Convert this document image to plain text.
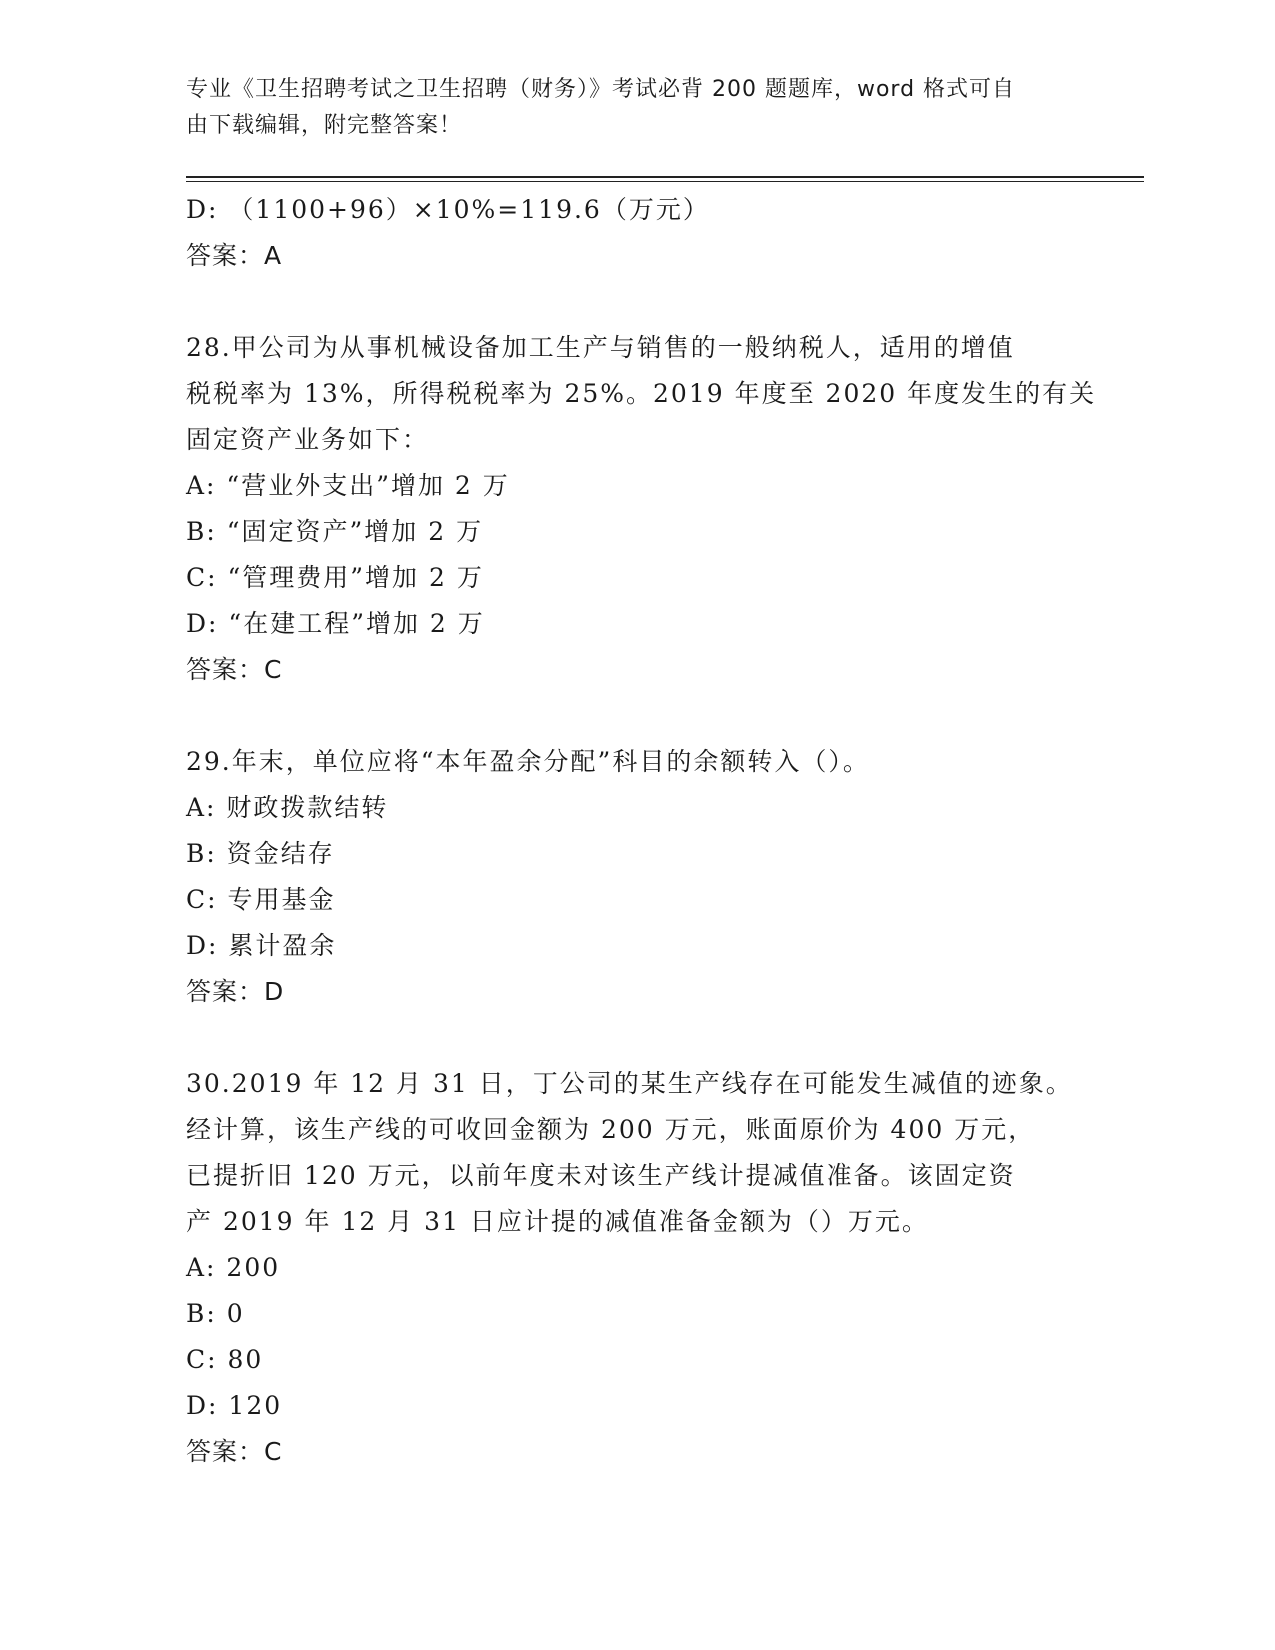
专业《卫生招聘考试之卫生招聘（财务）》考试必背 200 题题库，word 格式可自
由下载编辑，附完整答案！
D: （1100+96）×10%=119.6（万元）
答案：A
28.甲公司为从事机械设备加工生产与销售的一般纳税人，适用的增值
税税率为 13%，所得税税率为 25%。2019 年度至 2020 年度发生的有关
固定资产业务如下：
A: “营业外支出”增加 2 万
B: “固定资产”增加 2 万
C: “管理费用”增加 2 万
D: “在建工程”增加 2 万
答案：C
29.年末，单位应将“本年盈余分配”科目的余额转入（）。
A: 财政拨款结转
B: 资金结存
C: 专用基金
D: 累计盈余
答案：D
30.2019 年 12 月 31 日，丁公司的某生产线存在可能发生减值的迹象。
经计算，该生产线的可收回金额为 200 万元，账面原价为 400 万元，
已提折旧 120 万元，以前年度未对该生产线计提减值准备。该固定资
产 2019 年 12 月 31 日应计提的减值准备金额为（）万元。
A: 200
B: 0
C: 80
D: 120
答案：C
